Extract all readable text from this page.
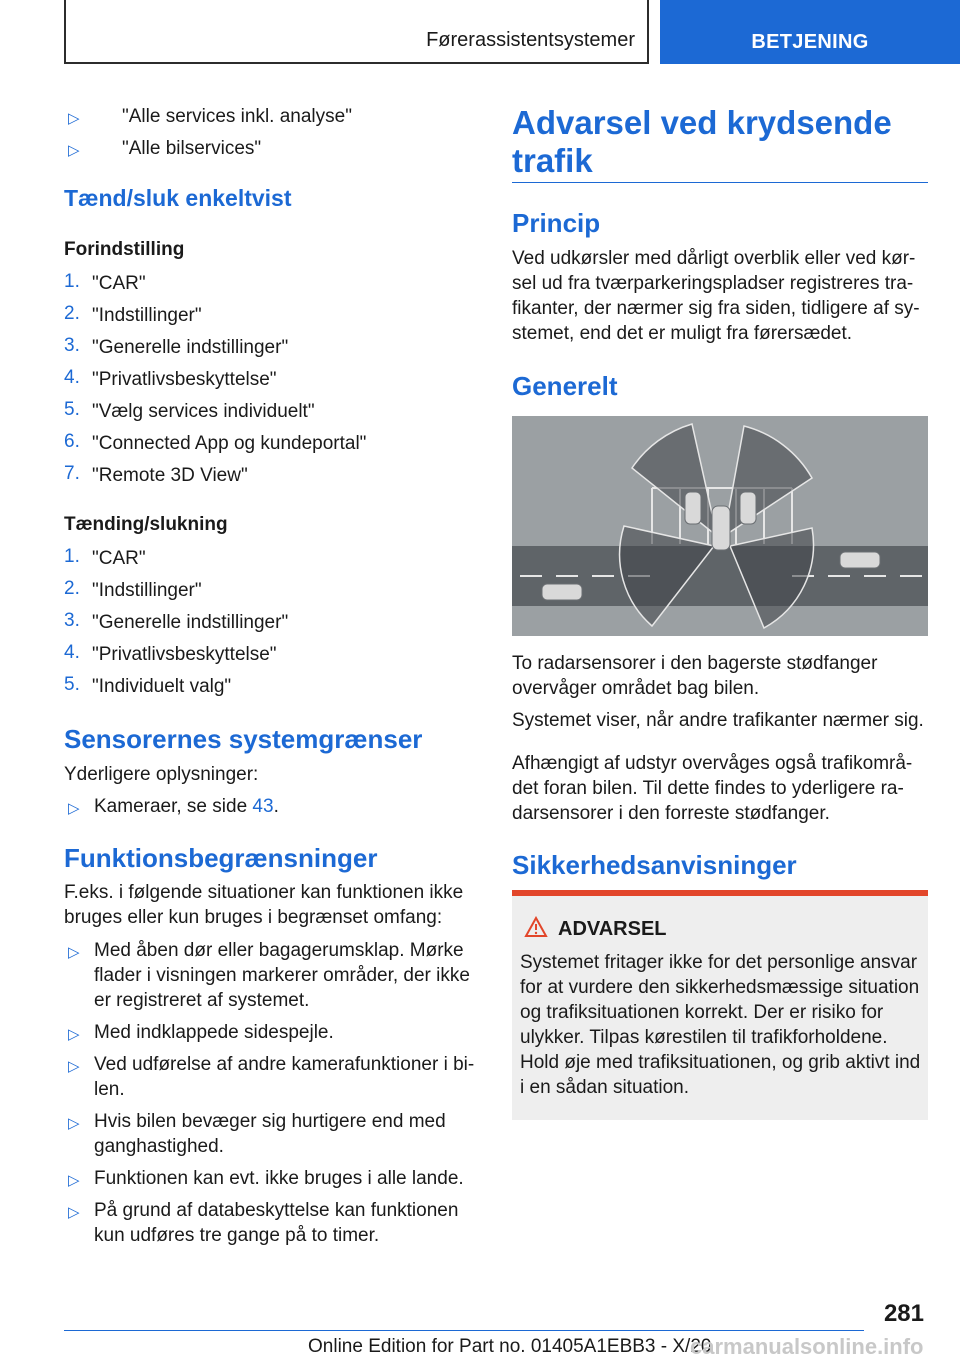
Førerassistentsystemer	BETJENING
▷ "Alle services inkl. analyse"
▷ "Alle bilservices"
Tænd/sluk enkeltvist
Forindstilling
1. "CAR"
2. "Indstillinger"
3. "Generelle indstillinger"
4. "Privatlivsbeskyttelse"
5. "Vælg services individuelt"
6. "Connected App og kundeportal"
7. "Remote 3D View"
Tænding/slukning
1. "CAR"
2. "Indstillinger"
3. "Generelle indstillinger"
4. "Privatlivsbeskyttelse"
5. "Individuelt valg"
Sensorernes systemgrænser
Yderligere oplysninger:
▷ Kameraer, se side 43.
Funktionsbegrænsninger
F.eks. i følgende situationer kan funktionen ikke
bruges eller kun bruges i begrænset omfang:
▷ Med åben dør eller bagagerumsklap. Mørke
flader i visningen markerer områder, der ikke
er registreret af systemet.
▷ Med indklappede sidespejle.
▷ Ved udførelse af andre kamerafunktioner i bi-
len.
▷ Hvis bilen bevæger sig hurtigere end med
ganghastighed.
▷ Funktionen kan evt. ikke bruges i alle lande.
▷ På grund af databeskyttelse kan funktionen
kun udføres tre gange på to timer.
Advarsel ved krydsende
trafik
Princip
Ved udkørsler med dårligt overblik eller ved kør-
sel ud fra tværparkeringspladser registreres tra-
fikanter, der nærmer sig fra siden, tidligere af sy-
stemet, end det er muligt fra førersædet.
Generelt
To radarsensorer i den bagerste stødfanger
overvåger området bag bilen.
Systemet viser, når andre trafikanter nærmer sig.
Afhængigt af udstyr overvåges også trafikområ-
det foran bilen. Til dette findes to yderligere ra-
darsensorer i den forreste stødfanger.
Sikkerhedsanvisninger
ADVARSEL
Systemet fritager ikke for det personlige ansvar
for at vurdere den sikkerhedsmæssige situation
og trafiksituationen korrekt. Der er risiko for
ulykker. Tilpas kørestilen til trafikforholdene.
Hold øje med trafiksituationen, og grib aktivt ind
i en sådan situation.
281
Online Edition for Part no. 01405A1EBB3 - X/20
carmanualsonline.info
